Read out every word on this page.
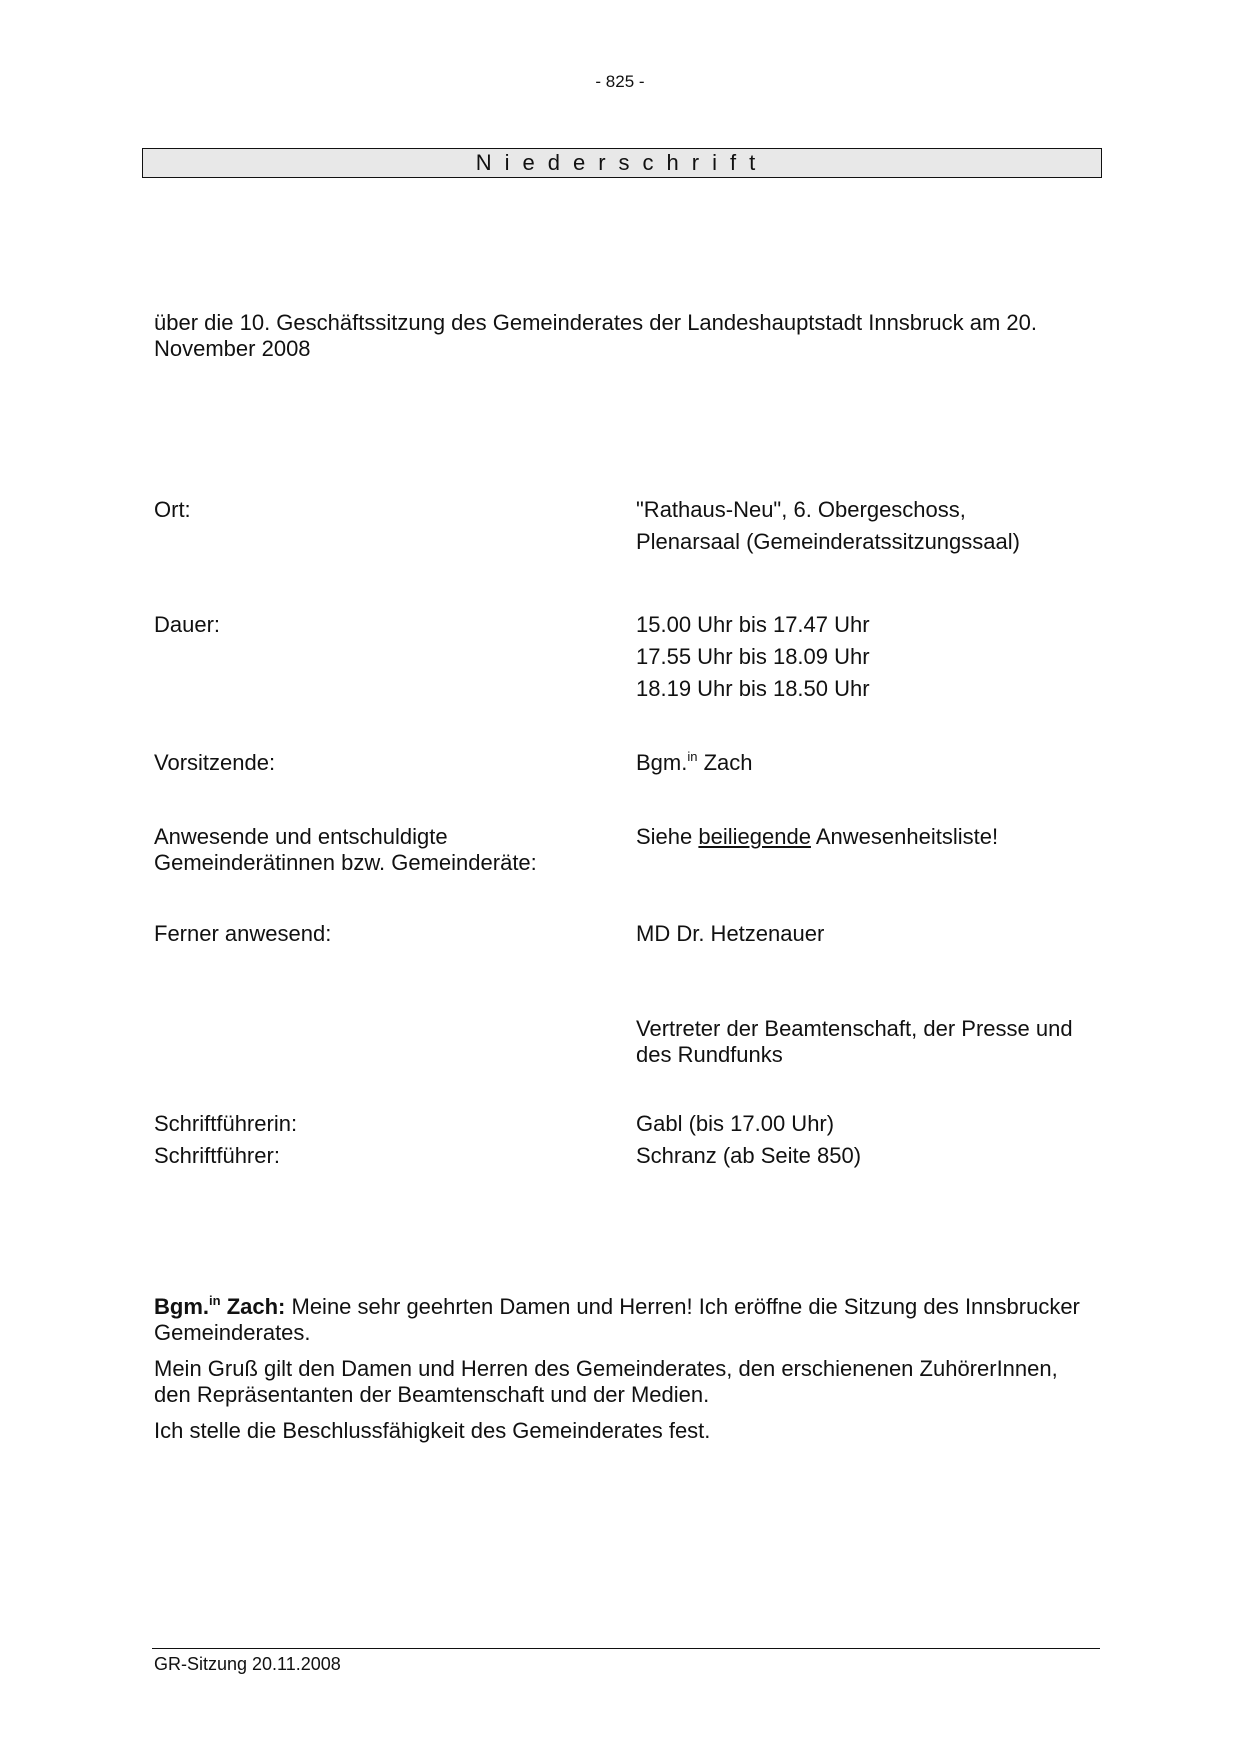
- 825 -
Niederschrift
über die 10. Geschäftssitzung des Gemeinderates der Landeshauptstadt Innsbruck am 20. November 2008
Ort:	"Rathaus-Neu", 6. Obergeschoss,
Plenarsaal (Gemeinderatssitzungssaal)
Dauer:	15.00 Uhr bis 17.47 Uhr
17.55 Uhr bis 18.09 Uhr
18.19 Uhr bis 18.50 Uhr
Vorsitzende:	Bgm.$^{in}$ Zach
Anwesende und entschuldigte Gemeinderätinnen bzw. Gemeinderäte:
Siehe beiliegende Anwesenheitsliste!
Ferner anwesend:	MD Dr. Hetzenauer
Vertreter der Beamtenschaft, der Presse und des Rundfunks
Schriftführerin:	Gabl (bis 17.00 Uhr)
Schriftführer:	Schranz (ab Seite 850)

Bgm.$^{in}$ Zach: Meine sehr geehrten Damen und Herren! Ich eröffne die Sitzung des Innsbrucker Gemeinderates.

Mein Gruß gilt den Damen und Herren des Gemeinderates, den erschienenen ZuhörerInnen, den Repräsentanten der Beamtenschaft und der Medien.

Ich stelle die Beschlussfähigkeit des Gemeinderates fest.

GR-Sitzung 20.11.2008
